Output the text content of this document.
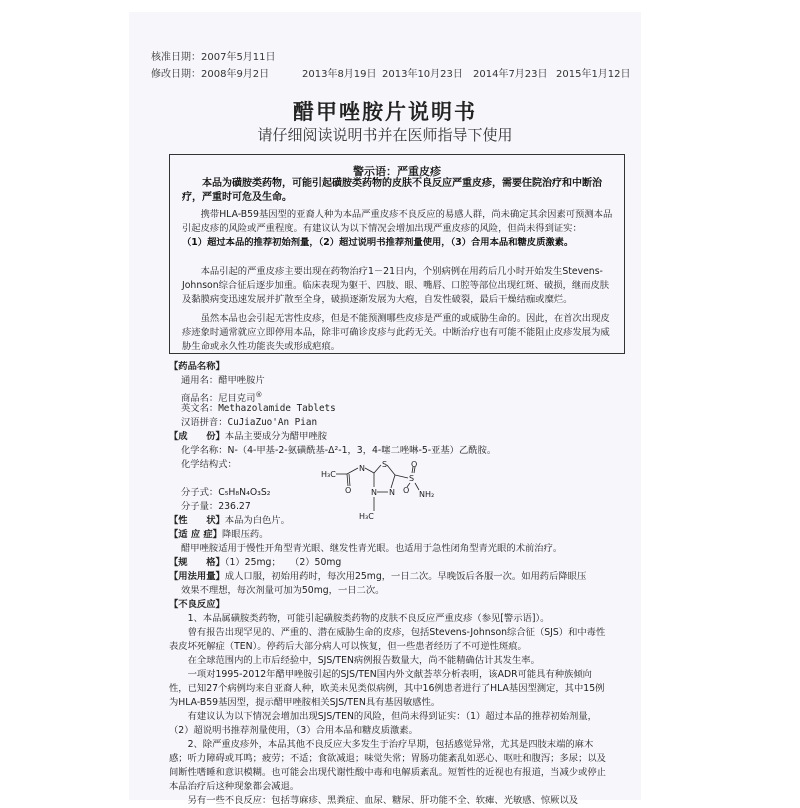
核准日期：2007年5月11日
修改日期：2008年9月2日	2013年8月19日 2013年10月23日 2014年7月23日 2015年1月12日
醋甲唑胺片说明书
请仔细阅读说明书并在医师指导下使用
警示语：严重皮疹
本品为磺胺类药物，可能引起磺胺类药物的皮肤不良反应严重皮疹，需要住院治疗和中断治疗，严重时可危及生命。
携带HLA-B59基因型的亚裔人种为本品严重皮疹不良反应的易感人群，尚未确定其余因素可预测本品引起皮疹的风险或严重程度。有建议认为以下情况会增加出现严重皮疹的风险，但尚未得到证实：
（1）超过本品的推荐初始剂量，（2）超过说明书推荐剂量使用，（3）合用本品和糖皮质激素。
本品引起的严重皮疹主要出现在药物治疗1－21日内，个别病例在用药后几小时开始发生Stevens-Johnson综合征后逐步加重。临床表现为躯干、四肢、眼、嘴唇、口腔等部位出现红斑、破损，继而皮肤及黏膜病变迅速发展并扩散至全身，破损逐渐发展为大疱，自发性破裂，最后干燥结痂或糜烂。
虽然本品也会引起无害性皮疹，但是不能预测哪些皮疹是严重的或威胁生命的。因此，在首次出现皮疹迹象时通常就应立即停用本品，除非可确诊皮疹与此药无关。中断治疗也有可能不能阻止皮疹发展为威胁生命或永久性功能丧失或形成疤痕。
【药品名称】
通用名：醋甲唑胺片
商品名：尼目克司®
英文名：Methazolamide Tablets
汉语拼音：CuJiaZuo'An Pian
【成　　份】本品主要成分为醋甲唑胺
化学名称：N-（4-甲基-2-氨磺酰基-Δ²-1，3，4-噻二唑啉-5-亚基）乙酰胺。
化学结构式：
H₃C
N S	O
S
O
O	NH₂
N N
H₃C
分子式：C₅H₈N₄O₃S₂
分子量：236.27
【性　　状】本品为白色片。
【适 应 症】降眼压药。
醋甲唑胺适用于慢性开角型青光眼、继发性青光眼。也适用于急性闭角型青光眼的术前治疗。
【规　　格】（1）25mg；　　（2）50mg
【用法用量】成人口服，初始用药时，每次用25mg，一日二次。早晚饭后各服一次。如用药后降眼压
效果不理想，每次剂量可加为50mg，一日二次。
【不良反应】
1、本品属磺胺类药物，可能引起磺胺类药物的皮肤不良反应严重皮疹（参见[警示语]）。
曾有报告出现罕见的、严重的、潜在威胁生命的皮疹，包括Stevens-Johnson综合征（SJS）和中毒性表皮坏死解症（TEN）。停药后大部分病人可以恢复，但一些患者经历了不可逆性斑痕。
在全球范围内的上市后经验中，SJS/TEN病例报告数量大，尚不能精确估计其发生率。
一项对1995-2012年醋甲唑胺引起的SJS/TEN国内外文献荟萃分析表明，该ADR可能具有种族倾向性，已知27个病例均来自亚裔人种，欧美未见类似病例，其中16例患者进行了HLA基因型测定，其中15例为HLA-B59基因型，提示醋甲唑胺相关SJS/TEN具有基因敏感性。
有建议认为以下情况会增加出现SJS/TEN的风险，但尚未得到证实：（1）超过本品的推荐初始剂量，（2）超说明书推荐剂量使用，（3）合用本品和糖皮质激素。
2、除严重皮疹外，本品其他不良反应大多发生于治疗早期，包括感觉异常，尤其是四肢末端的麻木感；听力障碍或耳鸣；疲劳；不适；食欲减退；味觉失常；胃肠功能紊乱如恶心、呕吐和腹泻；多尿；以及间断性嗜睡和意识模糊。也可能会出现代谢性酸中毒和电解质紊乱。短暂性的近视也有报道，当减少或停止本品治疗后这种现象都会减退。
另有一些不良反应：包括荨麻疹、黑粪症、血尿、糖尿、肝功能不全、软瘫、光敏感、惊厥以及
